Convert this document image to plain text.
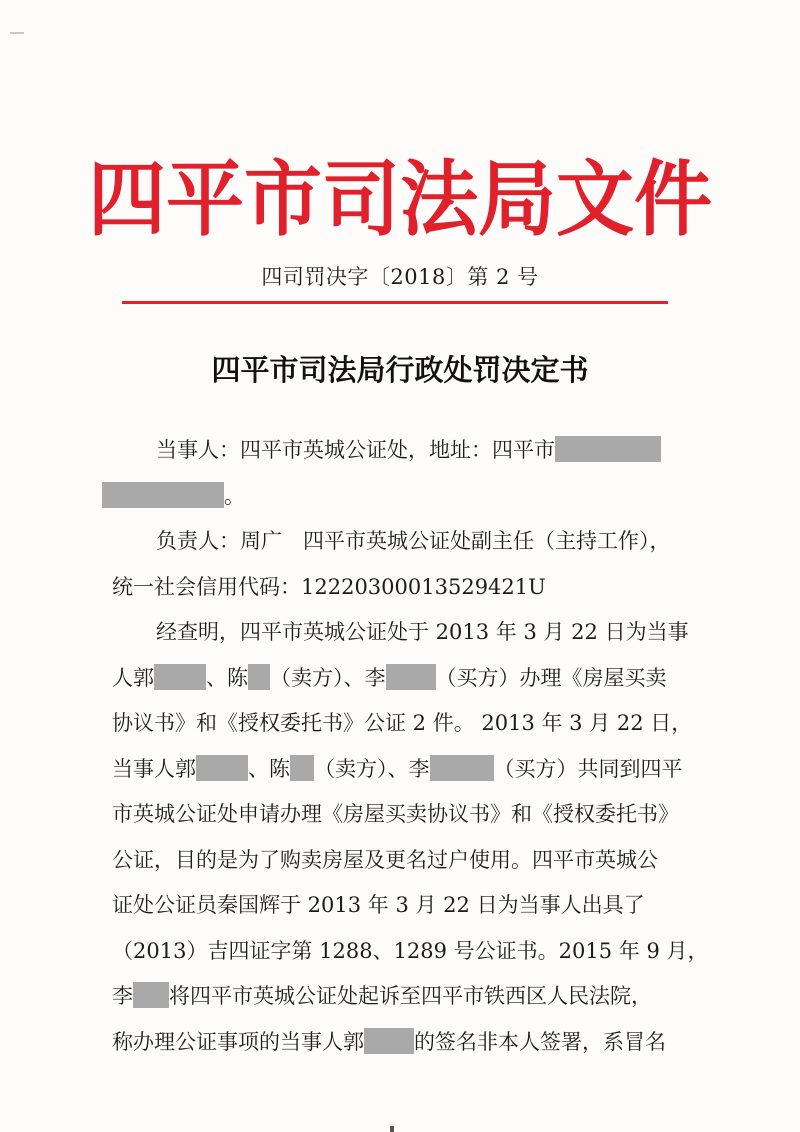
四平市司法局文件
四司罚决字〔2018〕第 2 号
四平市司法局行政处罚决定书
当事人：四平市英城公证处，地址：四平市
。
负责人：周广　四平市英城公证处副主任（主持工作），
统一社会信用代码：12220300013529421U
经查明，四平市英城公证处于 2013 年 3 月 22 日为当事
人郭 、陈 （卖方）、李 （买方）办理《房屋买卖
协议书》和《授权委托书》公证 2 件。 2013 年 3 月 22 日，
当事人郭 、陈 （卖方）、李	（买方）共同到四平
市英城公证处申请办理《房屋买卖协议书》和《授权委托书》
公证，目的是为了购卖房屋及更名过户使用。四平市英城公
证处公证员秦国辉于 2013 年 3 月 22 日为当事人出具了
（2013）吉四证字第 1288、1289 号公证书。2015 年 9 月，
李 将四平市英城公证处起诉至四平市铁西区人民法院，
称办理公证事项的当事人郭 的签名非本人签署，系冒名
